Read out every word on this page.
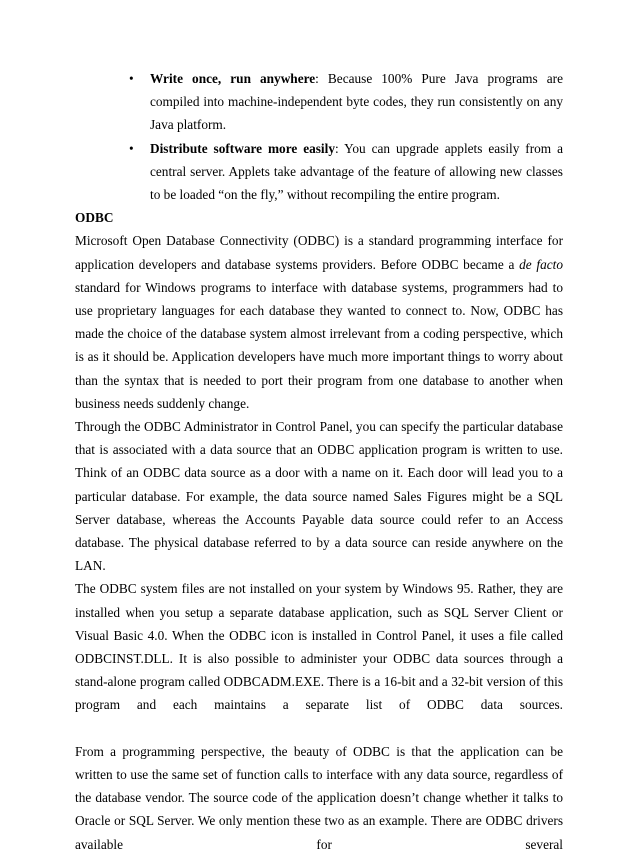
• Write once, run anywhere: Because 100% Pure Java programs are compiled into machine-independent byte codes, they run consistently on any Java platform.
• Distribute software more easily: You can upgrade applets easily from a central server. Applets take advantage of the feature of allowing new classes to be loaded “on the fly,” without recompiling the entire program.

ODBC

Microsoft Open Database Connectivity (ODBC) is a standard programming interface for application developers and database systems providers. Before ODBC became a de facto standard for Windows programs to interface with database systems, programmers had to use proprietary languages for each database they wanted to connect to. Now, ODBC has made the choice of the database system almost irrelevant from a coding perspective, which is as it should be. Application developers have much more important things to worry about than the syntax that is needed to port their program from one database to another when business needs suddenly change.

Through the ODBC Administrator in Control Panel, you can specify the particular database that is associated with a data source that an ODBC application program is written to use. Think of an ODBC data source as a door with a name on it. Each door will lead you to a particular database. For example, the data source named Sales Figures might be a SQL Server database, whereas the Accounts Payable data source could refer to an Access database. The physical database referred to by a data source can reside anywhere on the LAN.

The ODBC system files are not installed on your system by Windows 95. Rather, they are installed when you setup a separate database application, such as SQL Server Client or Visual Basic 4.0. When the ODBC icon is installed in Control Panel, it uses a file called ODBCINST.DLL. It is also possible to administer your ODBC data sources through a stand-alone program called ODBCADM.EXE. There is a 16-bit and a 32-bit version of this program and each maintains a separate list of ODBC data sources.

From a programming perspective, the beauty of ODBC is that the application can be written to use the same set of function calls to interface with any data source, regardless of the database vendor. The source code of the application doesn’t change whether it talks to Oracle or SQL Server. We only mention these two as an example. There are ODBC drivers available for several
